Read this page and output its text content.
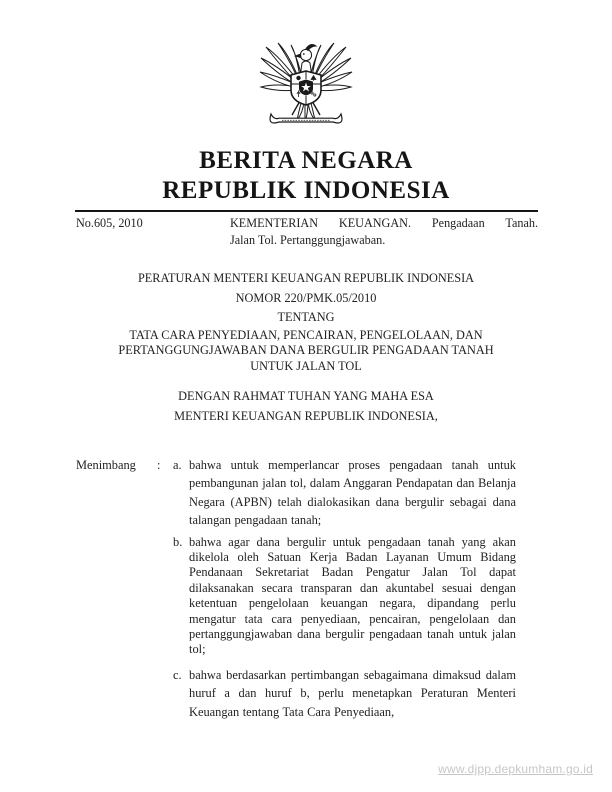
BERITA NEGARA
REPUBLIK INDONESIA
No.605, 2010	KEMENTERIAN KEUANGAN. Pengadaan Tanah.
Jalan Tol. Pertanggungjawaban.
PERATURAN MENTERI KEUANGAN REPUBLIK INDONESIA
NOMOR 220/PMK.05/2010
TENTANG
TATA CARA PENYEDIAAN, PENCAIRAN, PENGELOLAAN, DAN
PERTANGGUNGJAWABAN DANA BERGULIR PENGADAAN TANAH
UNTUK JALAN TOL
DENGAN RAHMAT TUHAN YANG MAHA ESA
MENTERI KEUANGAN REPUBLIK INDONESIA,
Menimbang	:	a. bahwa untuk memperlancar proses pengadaan tanah untuk pembangunan jalan tol, dalam Anggaran Pendapatan dan Belanja Negara (APBN) telah dialokasikan dana bergulir sebagai dana talangan pengadaan tanah;
b. bahwa agar dana bergulir untuk pengadaan tanah yang akan dikelola oleh Satuan Kerja Badan Layanan Umum Bidang Pendanaan Sekretariat Badan Pengatur Jalan Tol dapat dilaksanakan secara transparan dan akuntabel sesuai dengan ketentuan pengelolaan keuangan negara, dipandang perlu mengatur tata cara penyediaan, pencairan, pengelolaan dan pertanggungjawaban dana bergulir pengadaan tanah untuk jalan tol;
c. bahwa berdasarkan pertimbangan sebagaimana dimaksud dalam huruf a dan huruf b, perlu menetapkan Peraturan Menteri Keuangan tentang Tata Cara Penyediaan,
www.djpp.depkumham.go.id
